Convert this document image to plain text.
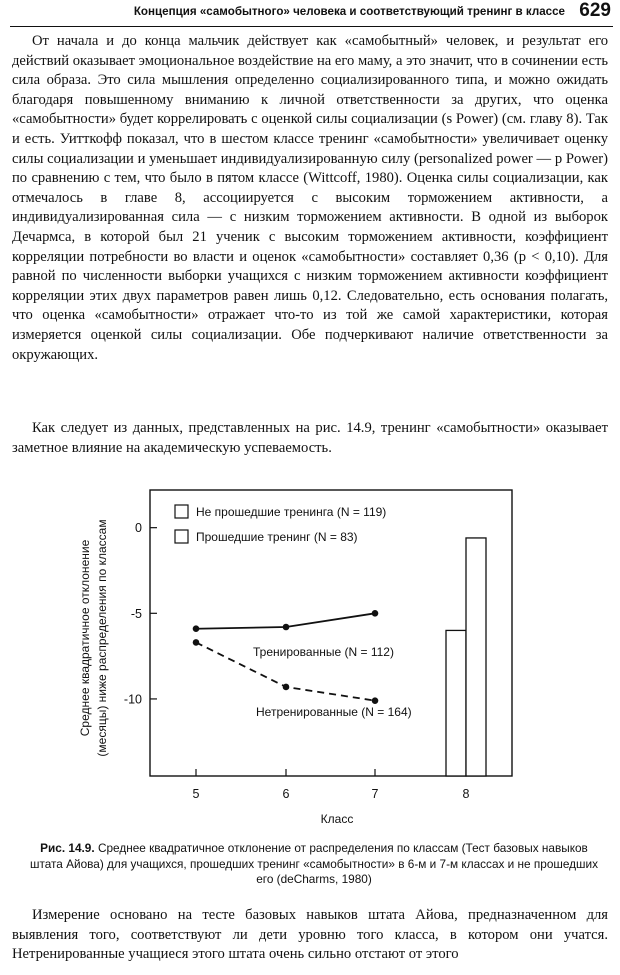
Концепция «самобытного» человека и соответствующий тренинг в классе 629

От начала и до конца мальчик действует как «самобытный» человек, и результат его действий оказывает эмоциональное воздействие на его маму, а это значит, что в сочинении есть сила образа. Это сила мышления определенно социализированного типа, и можно ожидать благодаря повышенному вниманию к личной ответственности за других, что оценка «самобытности» будет коррелировать с оценкой силы социализации (s Power) (см. главу 8). Так и есть. Уитткофф показал, что в шестом классе тренинг «самобытности» увеличивает оценку силы социализации и уменьшает индивидуализированную силу (personalized power — p Power) по сравнению с тем, что было в пятом классе (Wittcoff, 1980). Оценка силы социализации, как отмечалось в главе 8, ассоциируется с высоким торможением активности, а индивидуализированная сила — с низким торможением активности. В одной из выборок Дечармса, в которой был 21 ученик с высоким торможением активности, коэффициент корреляции потребности во власти и оценок «самобытности» составляет 0,36 (p < 0,10). Для равной по численности выборки учащихся с низким торможением активности коэффициент корреляции этих двух параметров равен лишь 0,12. Следовательно, есть основания полагать, что оценка «самобытности» отражает что-то из той же самой характеристики, которая измеряется оценкой силы социализации. Обе подчеркивают наличие ответственности за окружающих.

Как следует из данных, представленных на рис. 14.9, тренинг «самобытности» оказывает заметное влияние на академическую успеваемость.

0
-5
-10
5	6	7	8
Класс
Среднее квадратичное отклонение (месяцы) ниже распределения по классам	Тренированные (N = 112)
Нетренированные (N = 164)
Не прошедшие тренинга (N = 119)
Прошедшие тренинг (N = 83)
Рис. 14.9. Среднее квадратичное отклонение от распределения по классам (Тест базовых навыков штата Айова) для учащихся, прошедших тренинг «самобытности» в 6-м и 7-м классах и не прошедших его (deCharms, 1980)

Измерение основано на тесте базовых навыков штата Айова, предназначенном для выявления того, соответствуют ли дети уровню того класса, в котором они учатся. Нетренированные учащиеся этого штата очень сильно отстают от этого
